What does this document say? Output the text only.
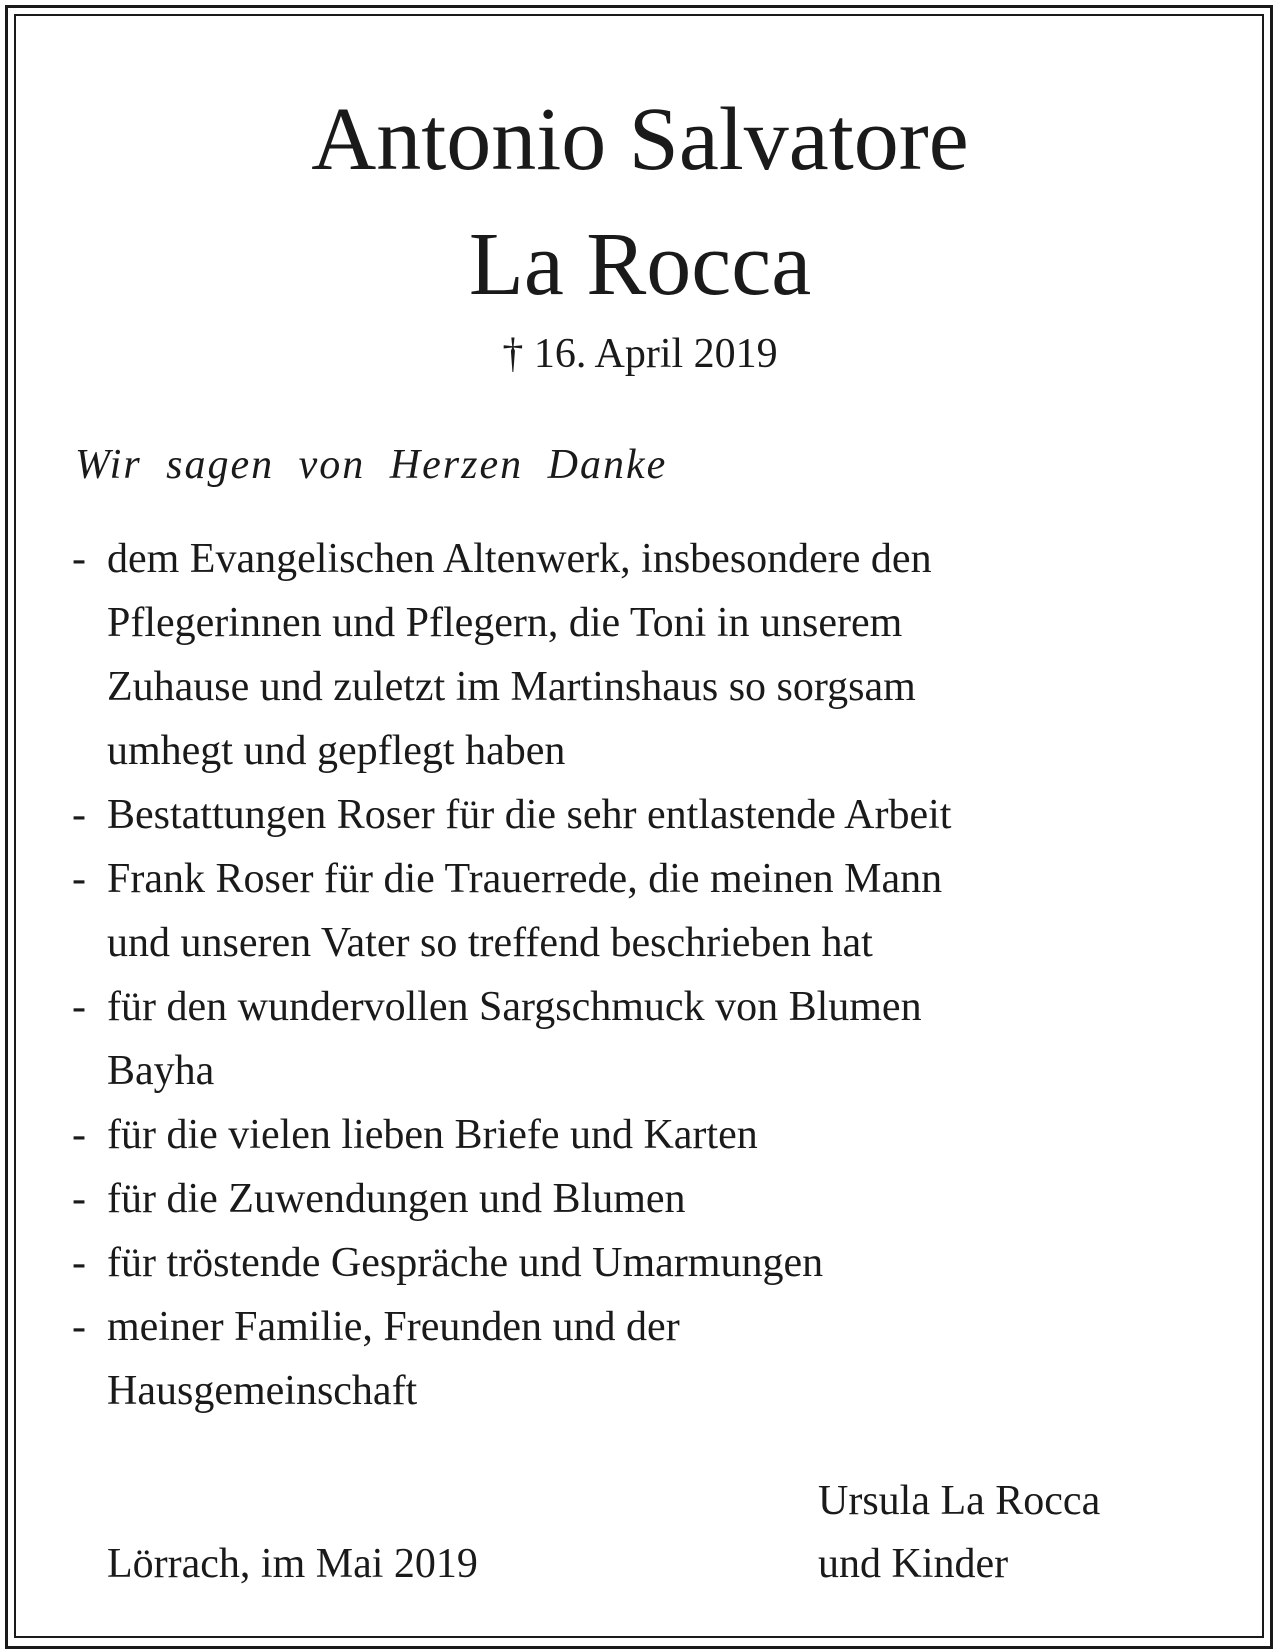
Antonio Salvatore
La Rocca
† 16. April 2019
Wir sagen von Herzen Danke
- dem Evangelischen Altenwerk, insbesondere den
Pflegerinnen und Pflegern, die Toni in unserem
Zuhause und zuletzt im Martinshaus so sorgsam
umhegt und gepflegt haben
- Bestattungen Roser für die sehr entlastende Arbeit
- Frank Roser für die Trauerrede, die meinen Mann
und unseren Vater so treffend beschrieben hat
- für den wundervollen Sargschmuck von Blumen
Bayha
- für die vielen lieben Briefe und Karten
- für die Zuwendungen und Blumen
- für tröstende Gespräche und Umarmungen
- meiner Familie, Freunden und der
Hausgemeinschaft
Ursula La Rocca
und Kinder
Lörrach, im Mai 2019
